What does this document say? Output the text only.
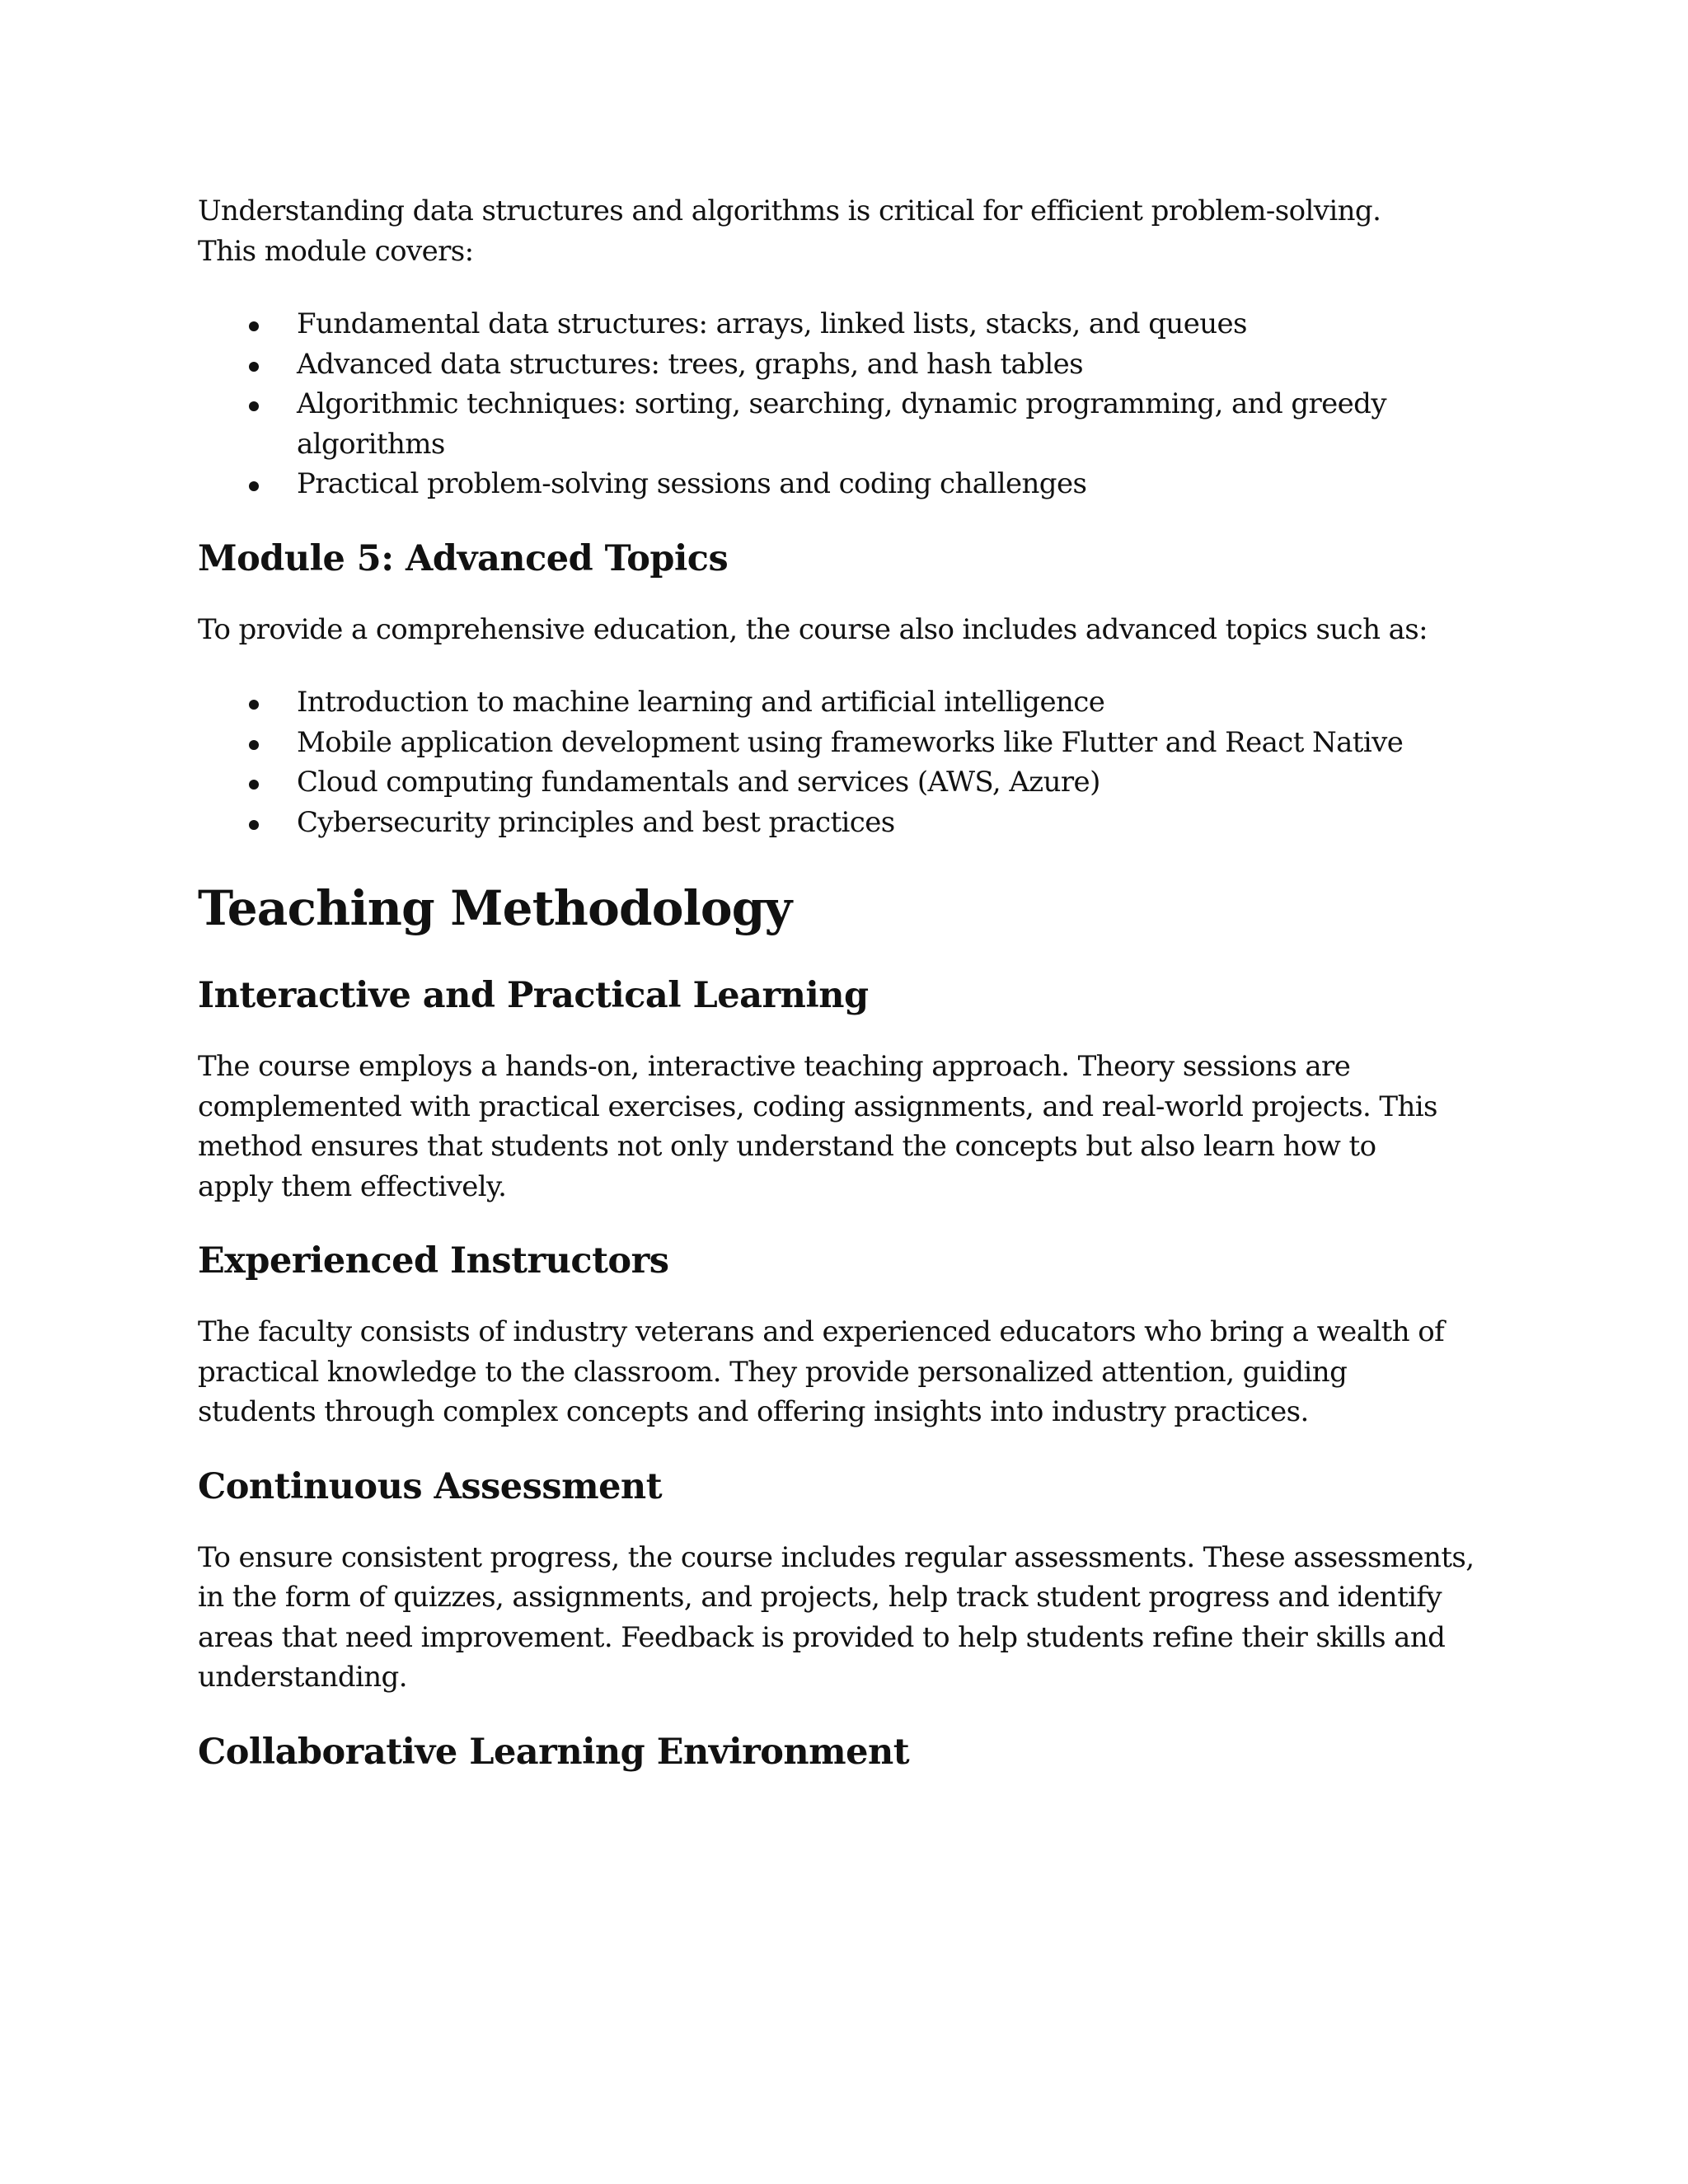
Understanding data structures and algorithms is critical for efficient problem-solving. This module covers:

Fundamental data structures: arrays, linked lists, stacks, and queues
Advanced data structures: trees, graphs, and hash tables
Algorithmic techniques: sorting, searching, dynamic programming, and greedy algorithms
Practical problem-solving sessions and coding challenges
Module 5: Advanced Topics

To provide a comprehensive education, the course also includes advanced topics such as:

Introduction to machine learning and artificial intelligence
Mobile application development using frameworks like Flutter and React Native
Cloud computing fundamentals and services (AWS, Azure)
Cybersecurity principles and best practices
Teaching Methodology
Interactive and Practical Learning

The course employs a hands-on, interactive teaching approach. Theory sessions are complemented with practical exercises, coding assignments, and real-world projects. This method ensures that students not only understand the concepts but also learn how to apply them effectively.

Experienced Instructors

The faculty consists of industry veterans and experienced educators who bring a wealth of practical knowledge to the classroom. They provide personalized attention, guiding students through complex concepts and offering insights into industry practices.

Continuous Assessment

To ensure consistent progress, the course includes regular assessments. These assessments, in the form of quizzes, assignments, and projects, help track student progress and identify areas that need improvement. Feedback is provided to help students refine their skills and understanding.

Collaborative Learning Environment
